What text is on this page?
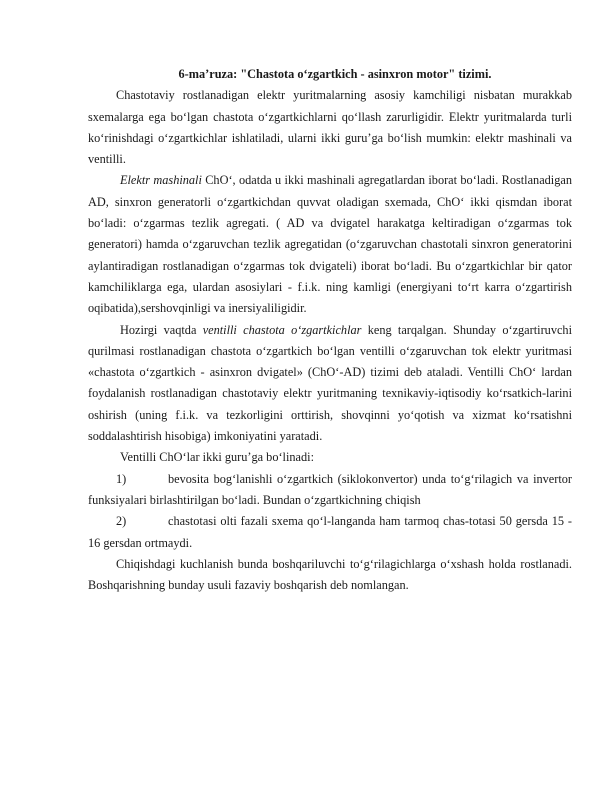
6-ma’ruza: "Chastota o‘zgartkich - asinxron motor" tizimi.

Chastotaviy rostlanadigan elektr yuritmalarning asosiy kamchiligi nisbatan murakkab sxemalarga ega bo‘lgan chastota o‘zgartkichlarni qo‘llash zarurligidir. Elektr yuritmalarda turli ko‘rinishdagi o‘zgartkichlar ishlatiladi, ularni ikki guru’ga bo‘lish mumkin: elektr mashinali va ventilli.

Elektr mashinali ChO‘, odatda u ikki mashinali agregatlardan iborat bo‘ladi. Rostlanadigan AD, sinxron generatorli o‘zgartkichdan quvvat oladigan sxemada, ChO‘ ikki qismdan iborat bo‘ladi: o‘zgarmas tezlik agregati. ( AD va dvigatel harakatga keltiradigan o‘zgarmas tok generatori) hamda o‘zgaruvchan tezlik agregatidan (o‘zgaruvchan chastotali sinxron generatorini aylantiradigan rostlanadigan o‘zgarmas tok dvigateli) iborat bo‘ladi. Bu o‘zgartkichlar bir qator kamchiliklarga ega, ulardan asosiylari - f.i.k. ning kamligi (energiyani to‘rt karra o‘zgartirish oqibatida),sershovqinligi va inersiyaliligidir.

Hozirgi vaqtda ventilli chastota o‘zgartkichlar keng tarqalgan. Shunday o‘zgartiruvchi qurilmasi rostlanadigan chastota o‘zgartkich bo‘lgan ventilli o‘zgaruvchan tok elektr yuritmasi «chastota o‘zgartkich - asinxron dvigatel» (ChO‘-AD) tizimi deb ataladi. Ventilli ChO‘ lardan foydalanish rostlanadigan chastotaviy elektr yuritmaning texnikaviy-iqtisodiy ko‘rsatkich-larini oshirish (uning f.i.k. va tezkorligini orttirish, shovqinni yo‘qotish va xizmat ko‘rsatishni soddalashtirish hisobiga) imkoniyatini yaratadi.

Ventilli ChO‘lar ikki guru’ga bo‘linadi:

1)	bevosita bog‘lanishli o‘zgartkich (siklokonvertor) unda to‘g‘rilagich va invertor funksiyalari birlashtirilgan bo‘ladi. Bundan o‘zgartkichning chiqish

2)	chastotasi olti fazali sxema qo‘l-langanda ham tarmoq chas-totasi 50 gersda 15 - 16 gersdan ortmaydi.

Chiqishdagi kuchlanish bunda boshqariluvchi to‘g‘rilagichlarga o‘xshash holda rostlanadi. Boshqarishning bunday usuli fazaviy boshqarish deb nomlangan.
